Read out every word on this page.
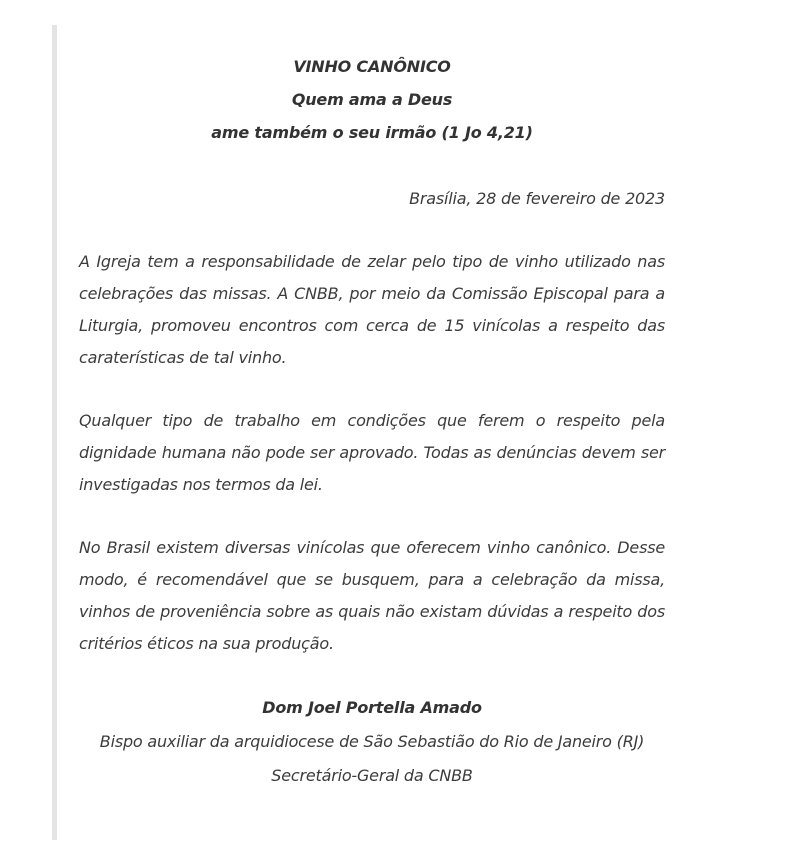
VINHO CANÔNICO
Quem ama a Deus
ame também o seu irmão (1 Jo 4,21)
Brasília, 28 de fevereiro de 2023
A Igreja tem a responsabilidade de zelar pelo tipo de vinho utilizado nas celebrações das missas. A CNBB, por meio da Comissão Episcopal para a Liturgia, promoveu encontros com cerca de 15 vinícolas a respeito das caraterísticas de tal vinho.
Qualquer tipo de trabalho em condições que ferem o respeito pela dignidade humana não pode ser aprovado. Todas as denúncias devem ser investigadas nos termos da lei.
No Brasil existem diversas vinícolas que oferecem vinho canônico. Desse modo, é recomendável que se busquem, para a celebração da missa, vinhos de proveniência sobre as quais não existam dúvidas a respeito dos critérios éticos na sua produção.
Dom Joel Portella Amado
Bispo auxiliar da arquidiocese de São Sebastião do Rio de Janeiro (RJ)
Secretário-Geral da CNBB
